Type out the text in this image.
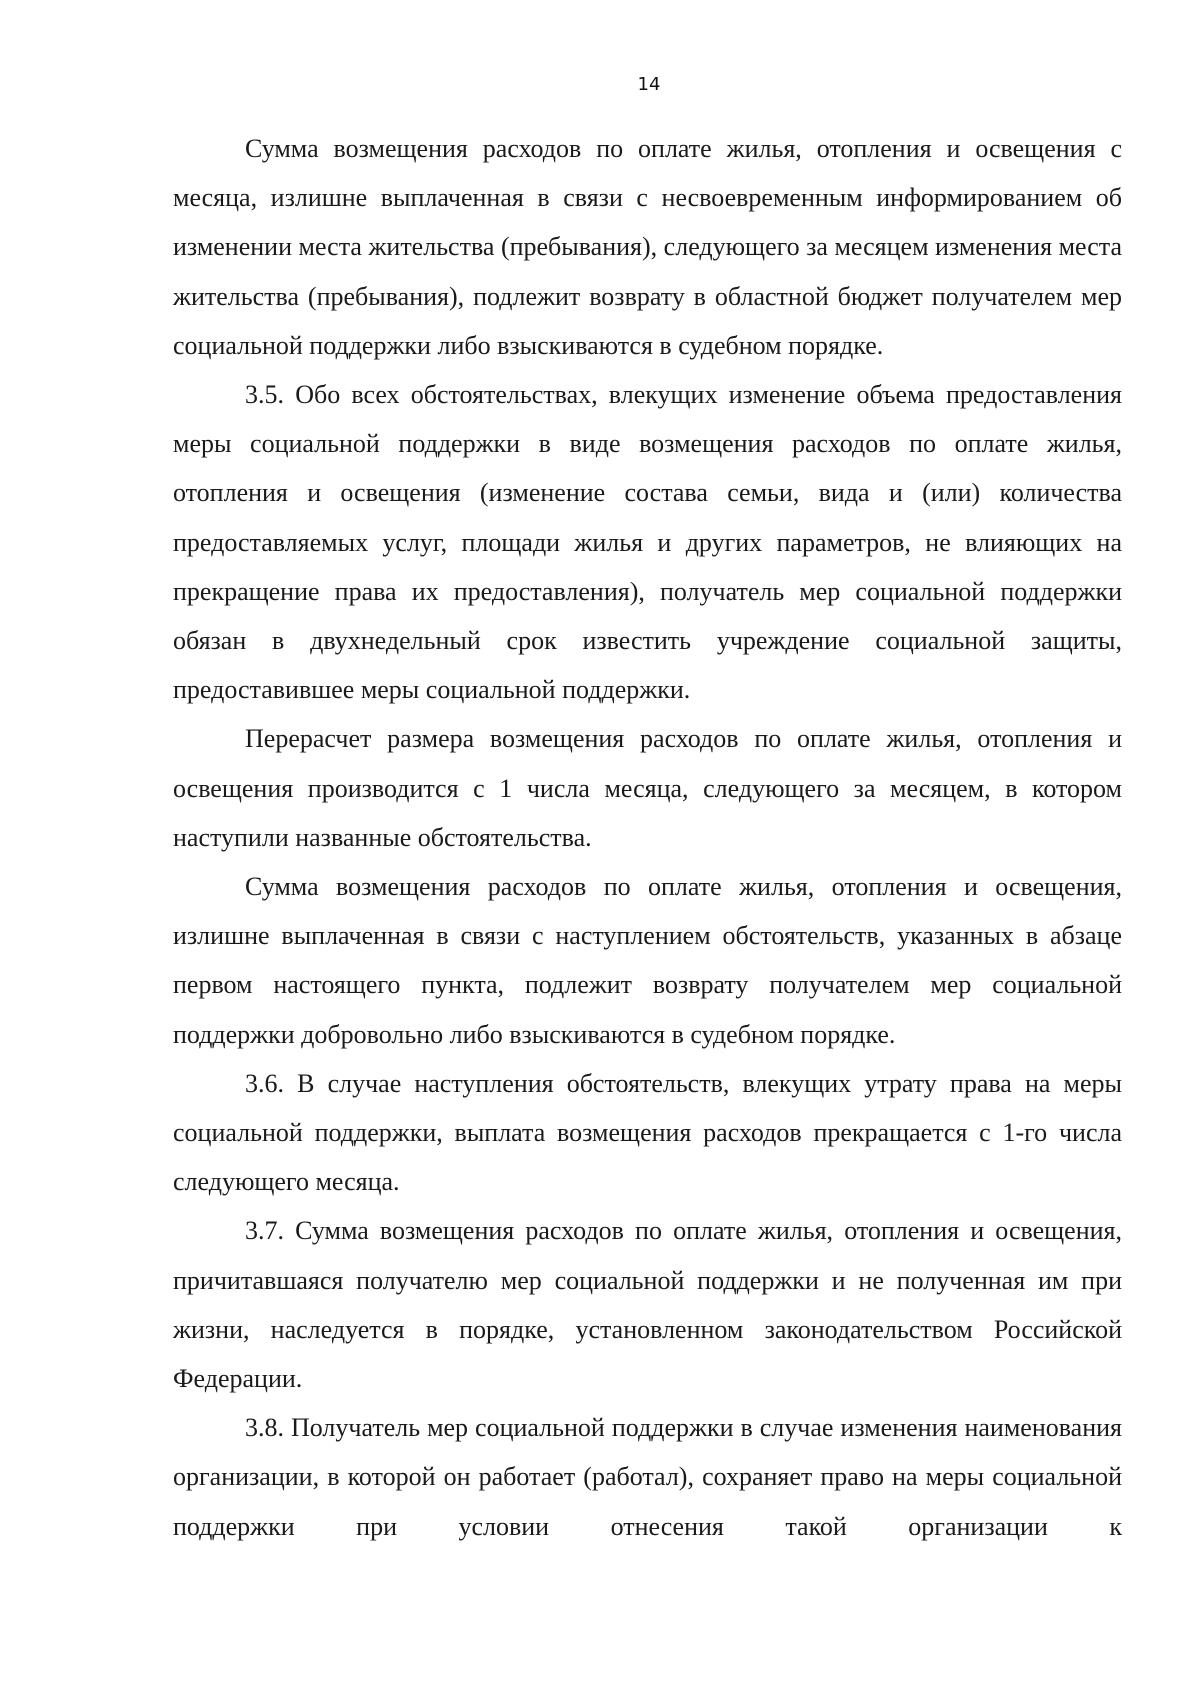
14

Сумма возмещения расходов по оплате жилья, отопления и освещения с месяца, излишне выплаченная в связи с несвоевременным информированием об изменении места жительства (пребывания), следующего за месяцем изменения места жительства (пребывания), подлежит возврату в областной бюджет получателем мер социальной поддержки либо взыскиваются в судебном порядке.

3.5. Обо всех обстоятельствах, влекущих изменение объема предоставления меры социальной поддержки в виде возмещения расходов по оплате жилья, отопления и освещения (изменение состава семьи, вида и (или) количества предоставляемых услуг, площади жилья и других параметров, не влияющих на прекращение права их предоставления), получатель мер социальной поддержки обязан в двухнедельный срок известить учреждение социальной защиты, предоставившее меры социальной поддержки.

Перерасчет размера возмещения расходов по оплате жилья, отопления и освещения производится с 1 числа месяца, следующего за месяцем, в котором наступили названные обстоятельства.

Сумма возмещения расходов по оплате жилья, отопления и освещения, излишне выплаченная в связи с наступлением обстоятельств, указанных в абзаце первом настоящего пункта, подлежит возврату получателем мер социальной поддержки добровольно либо взыскиваются в судебном порядке.

3.6. В случае наступления обстоятельств, влекущих утрату права на меры социальной поддержки, выплата возмещения расходов прекращается с 1-го числа следующего месяца.

3.7. Сумма возмещения расходов по оплате жилья, отопления и освещения, причитавшаяся получателю мер социальной поддержки и не полученная им при жизни, наследуется в порядке, установленном законодательством Российской Федерации.

3.8. Получатель мер социальной поддержки в случае изменения наименования организации, в которой он работает (работал), сохраняет право на меры социальной поддержки при условии отнесения такой организации к
